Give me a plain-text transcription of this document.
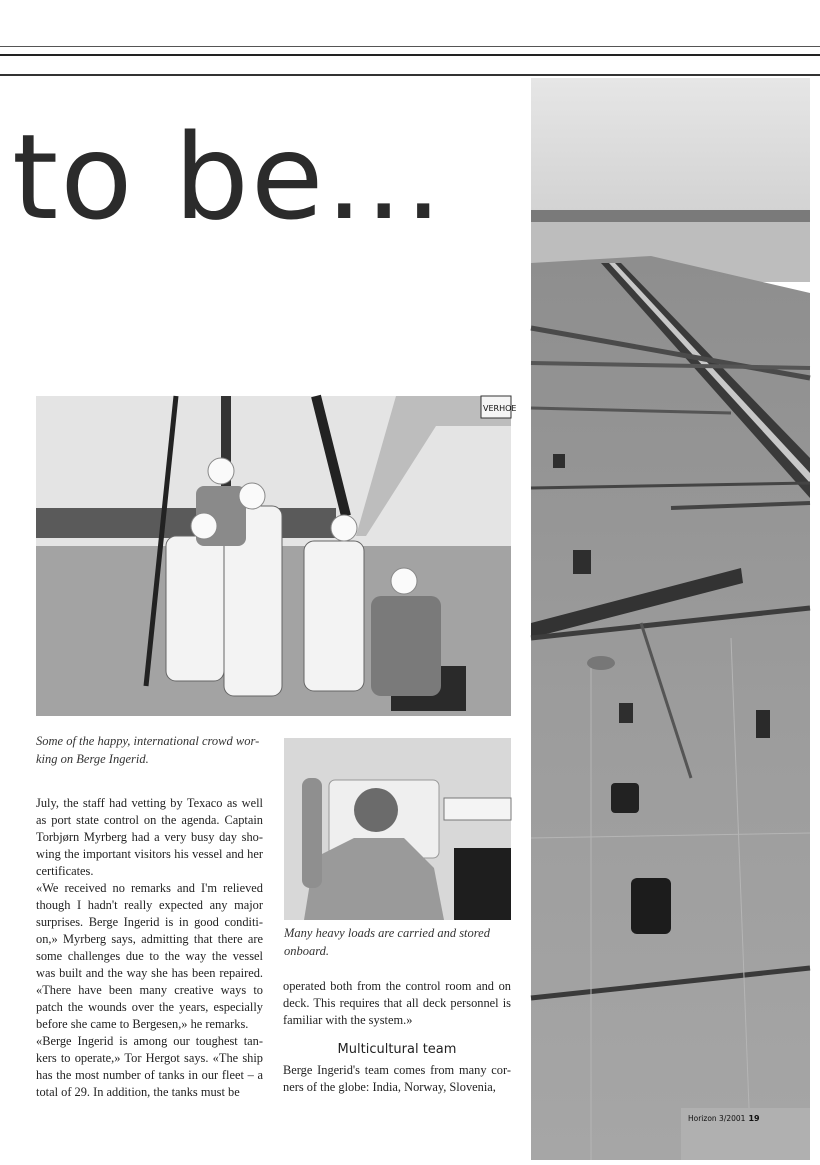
to be...
VERHOE
Some of the happy, international crowd wor-
king on Berge Ingerid.
Many heavy loads are carried and stored
onboard.

July, the staff had vetting by Texaco as well as port state control on the agenda. Captain Torbjørn Myrberg had a very busy day sho-wing the important visitors his vessel and her certificates.

«We received no remarks and I'm relieved though I hadn't really expected any major surprises. Berge Ingerid is in good conditi-on,» Myrberg says, admitting that there are some challenges due to the way the vessel was built and the way she has been repaired. «There have been many creative ways to patch the wounds over the years, especially before she came to Bergesen,» he remarks.

«Berge Ingerid is among our toughest tan-kers to operate,» Tor Hergot says. «The ship has the most number of tanks in our fleet – a total of 29. In addition, the tanks must be

operated both from the control room and on deck. This requires that all deck personnel is familiar with the system.»

Multicultural team

Berge Ingerid's team comes from many cor-ners of the globe: India, Norway, Slovenia,

Horizon 3/2001 19
